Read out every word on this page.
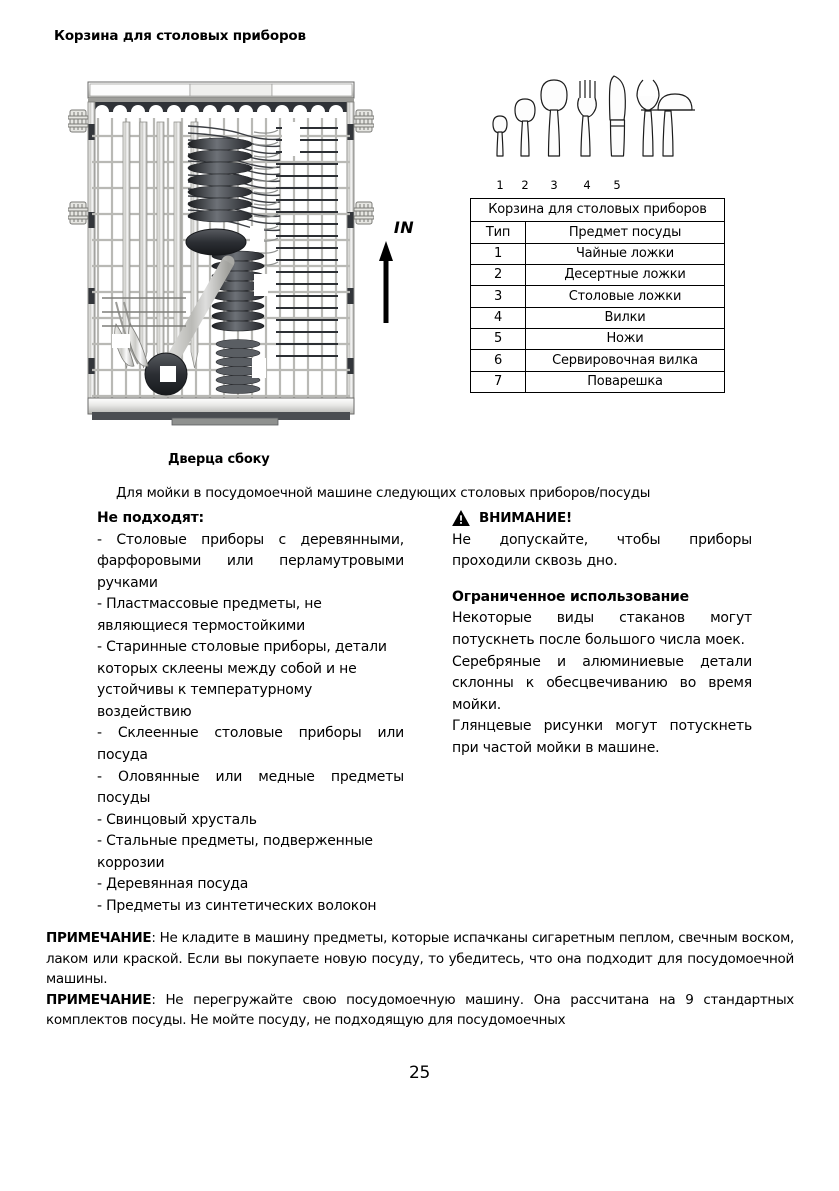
Корзина для столовых приборов
Дверца сбоку
IN
1 2 3 4 5
Корзина для столовых приборов	
Тип	Предмет посуды
1	Чайные ложки
2	Десертные ложки
3	Столовые ложки
4	Вилки
5	Ножи
6	Сервировочная вилка
7	Поварешка
Для мойки в посудомоечной машине следующих столовых приборов/посуды
Не подходят:
- Столовые приборы с деревянными, фарфоровыми или перламутровыми ручками
- Пластмассовые предметы, не являющиеся термостойкими
- Старинные столовые приборы, детали которых склеены между собой и не устойчивы к температурному воздействию
- Склеенные столовые приборы или посуда
- Оловянные или медные предметы посуды
- Свинцовый хрусталь
- Стальные предметы, подверженные коррозии
- Деревянная посуда
- Предметы из синтетических волокон
ВНИМАНИЕ!
Не допускайте, чтобы приборы проходили сквозь дно.
Ограниченное использование
Некоторые виды стаканов могут потускнеть после большого числа моек.
Серебряные и алюминиевые детали склонны к обесцвечиванию во время мойки.
Глянцевые рисунки могут потускнеть при частой мойки в машине.

ПРИМЕЧАНИЕ: Не кладите в машину предметы, которые испачканы сигаретным пеплом, свечным воском, лаком или краской. Если вы покупаете новую посуду, то убедитесь, что она подходит для посудомоечной машины.

ПРИМЕЧАНИЕ: Не перегружайте свою посудомоечную машину. Она рассчитана на 9 стандартных комплектов посуды. Не мойте посуду, не подходящую для посудомоечных

25
